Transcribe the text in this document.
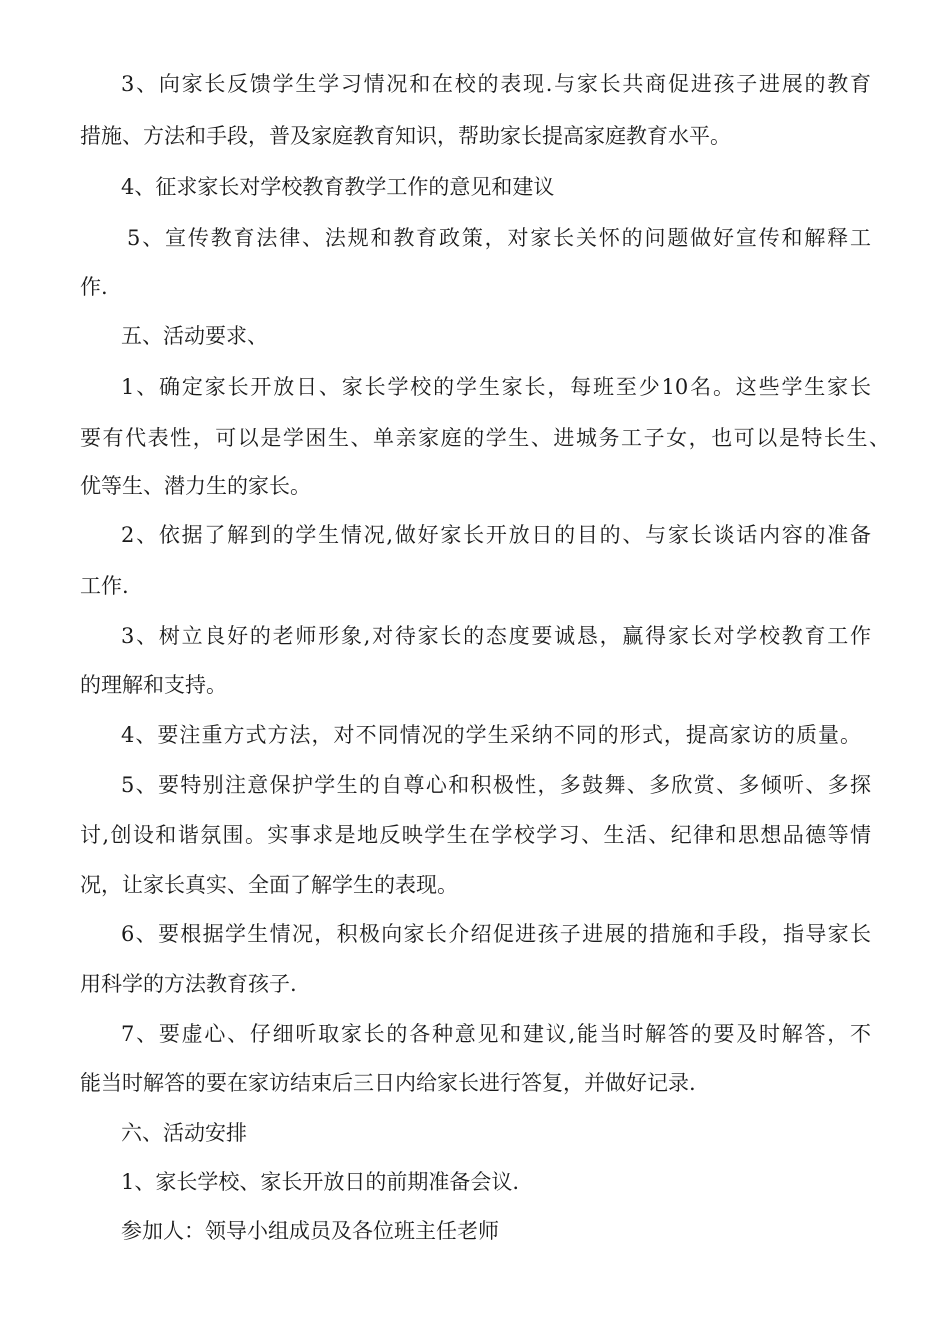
3、向家长反馈学生学习情况和在校的表现.与家长共商促进孩子进展的教育
措施、方法和手段，普及家庭教育知识，帮助家长提高家庭教育水平。
4、征求家长对学校教育教学工作的意见和建议
5、宣传教育法律、法规和教育政策，对家长关怀的问题做好宣传和解释工
作.
五、活动要求、
1、确定家长开放日、家长学校的学生家长，每班至少10名。这些学生家长
要有代表性，可以是学困生、单亲家庭的学生、进城务工子女，也可以是特长生、
优等生、潜力生的家长。
2、依据了解到的学生情况,做好家长开放日的目的、与家长谈话内容的准备
工作.
3、树立良好的老师形象,对待家长的态度要诚恳，赢得家长对学校教育工作
的理解和支持。
4、要注重方式方法，对不同情况的学生采纳不同的形式，提高家访的质量。
5、要特别注意保护学生的自尊心和积极性，多鼓舞、多欣赏、多倾听、多探
讨,创设和谐氛围。实事求是地反映学生在学校学习、生活、纪律和思想品德等情
况，让家长真实、全面了解学生的表现。
6、要根据学生情况，积极向家长介绍促进孩子进展的措施和手段，指导家长
用科学的方法教育孩子.
7、要虚心、仔细听取家长的各种意见和建议,能当时解答的要及时解答，不
能当时解答的要在家访结束后三日内给家长进行答复，并做好记录.
六、活动安排
1、家长学校、家长开放日的前期准备会议.
参加人：领导小组成员及各位班主任老师
